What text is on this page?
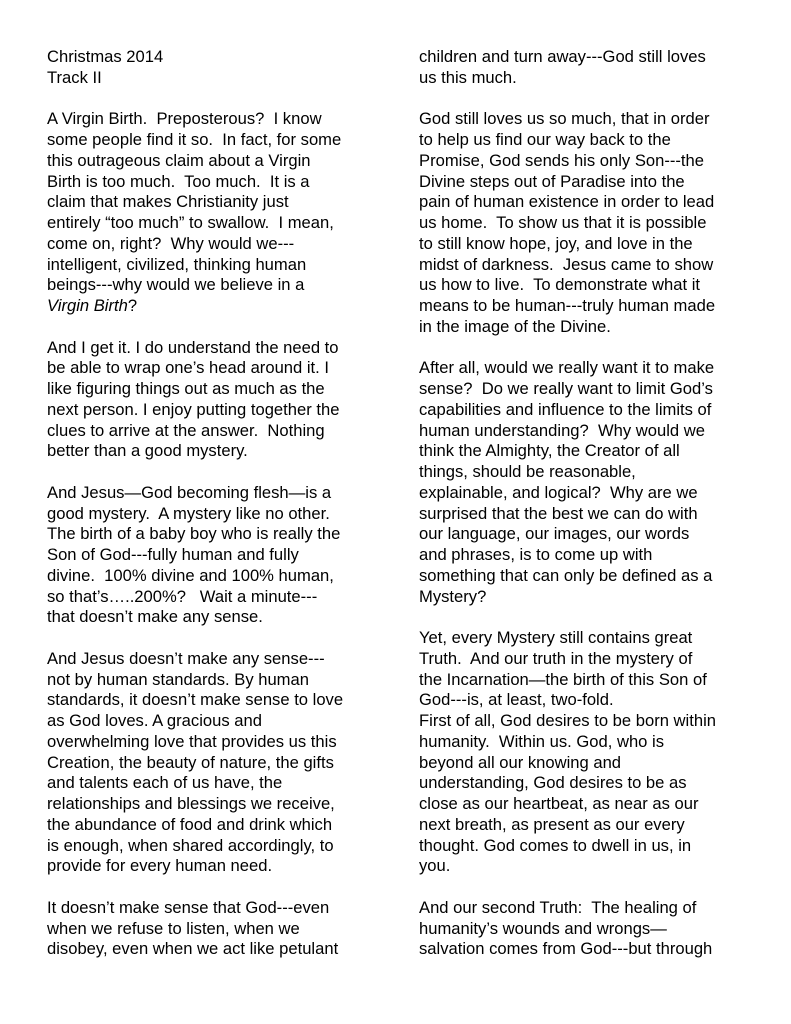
Christmas 2014
Track II
A Virgin Birth.  Preposterous?  I know
some people find it so.  In fact, for some
this outrageous claim about a Virgin
Birth is too much.  Too much.  It is a
claim that makes Christianity just
entirely “too much” to swallow.  I mean,
come on, right?  Why would we---
intelligent, civilized, thinking human
beings---why would we believe in a
Virgin Birth?
And I get it. I do understand the need to
be able to wrap one’s head around it. I
like figuring things out as much as the
next person. I enjoy putting together the
clues to arrive at the answer.  Nothing
better than a good mystery.
And Jesus—God becoming flesh—is a
good mystery.  A mystery like no other.
The birth of a baby boy who is really the
Son of God---fully human and fully
divine.  100% divine and 100% human,
so that’s…..200%?   Wait a minute---
that doesn’t make any sense.
And Jesus doesn’t make any sense---
not by human standards. By human
standards, it doesn’t make sense to love
as God loves. A gracious and
overwhelming love that provides us this
Creation, the beauty of nature, the gifts
and talents each of us have, the
relationships and blessings we receive,
the abundance of food and drink which
is enough, when shared accordingly, to
provide for every human need.
It doesn’t make sense that God---even
when we refuse to listen, when we
disobey, even when we act like petulant
children and turn away---God still loves
us this much.
God still loves us so much, that in order
to help us find our way back to the
Promise, God sends his only Son---the
Divine steps out of Paradise into the
pain of human existence in order to lead
us home.  To show us that it is possible
to still know hope, joy, and love in the
midst of darkness.  Jesus came to show
us how to live.  To demonstrate what it
means to be human---truly human made
in the image of the Divine.
After all, would we really want it to make
sense?  Do we really want to limit God’s
capabilities and influence to the limits of
human understanding?  Why would we
think the Almighty, the Creator of all
things, should be reasonable,
explainable, and logical?  Why are we
surprised that the best we can do with
our language, our images, our words
and phrases, is to come up with
something that can only be defined as a
Mystery?
Yet, every Mystery still contains great
Truth.  And our truth in the mystery of
the Incarnation—the birth of this Son of
God---is, at least, two-fold.
First of all, God desires to be born within
humanity.  Within us. God, who is
beyond all our knowing and
understanding, God desires to be as
close as our heartbeat, as near as our
next breath, as present as our every
thought. God comes to dwell in us, in
you.
And our second Truth:  The healing of
humanity’s wounds and wrongs—
salvation comes from God---but through
